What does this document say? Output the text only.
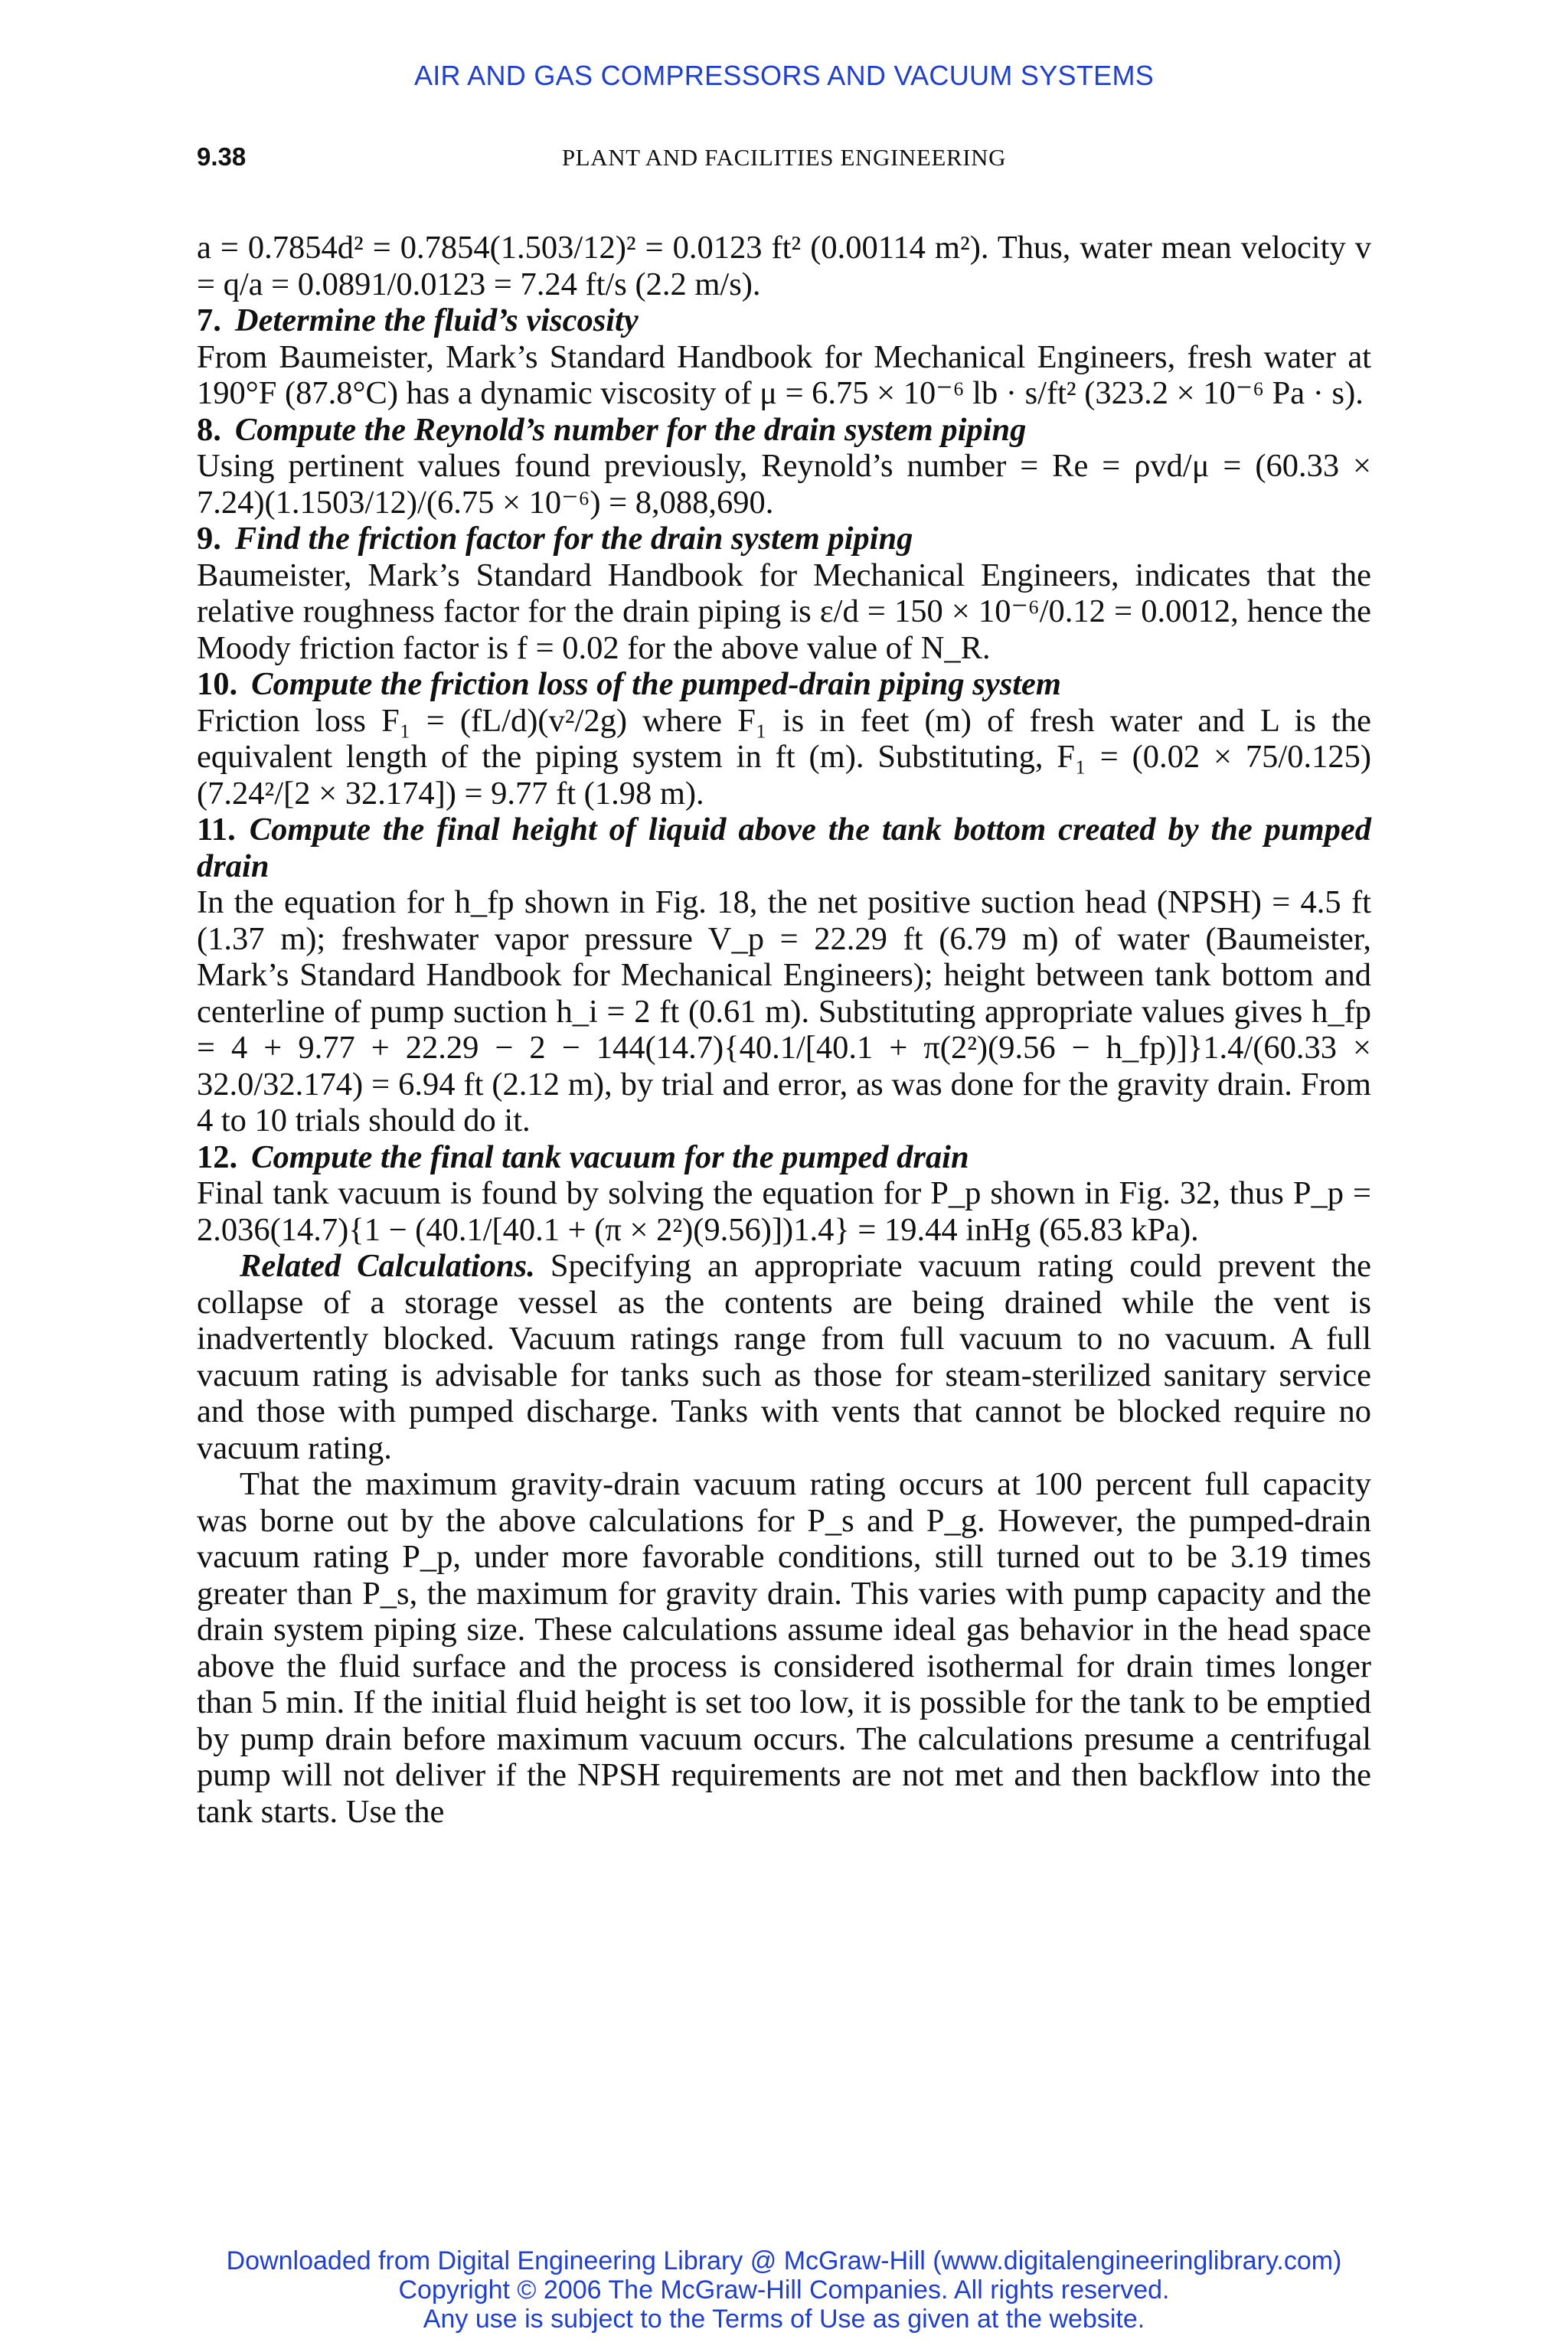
AIR AND GAS COMPRESSORS AND VACUUM SYSTEMS
9.38	PLANT AND FACILITIES ENGINEERING

a = 0.7854d² = 0.7854(1.503/12)² = 0.0123 ft² (0.00114 m²). Thus, water mean velocity v = q/a = 0.0891/0.0123 = 7.24 ft/s (2.2 m/s).

7. Determine the fluid’s viscosity

From Baumeister, Mark’s Standard Handbook for Mechanical Engineers, fresh water at 190°F (87.8°C) has a dynamic viscosity of μ = 6.75 × 10⁻⁶ lb · s/ft² (323.2 × 10⁻⁶ Pa · s).

8. Compute the Reynold’s number for the drain system piping

Using pertinent values found previously, Reynold’s number = Re = ρvd/μ = (60.33 × 7.24)(1.1503/12)/(6.75 × 10⁻⁶) = 8,088,690.

9. Find the friction factor for the drain system piping

Baumeister, Mark’s Standard Handbook for Mechanical Engineers, indicates that the relative roughness factor for the drain piping is ε/d = 150 × 10⁻⁶/0.12 = 0.0012, hence the Moody friction factor is f = 0.02 for the above value of N_R.

10. Compute the friction loss of the pumped-drain piping system

Friction loss F₁ = (fL/d)(v²/2g) where F₁ is in feet (m) of fresh water and L is the equivalent length of the piping system in ft (m). Substituting, F₁ = (0.02 × 75/0.125)(7.24²/[2 × 32.174]) = 9.77 ft (1.98 m).

11. Compute the final height of liquid above the tank bottom created by the pumped drain

In the equation for h_fp shown in Fig. 18, the net positive suction head (NPSH) = 4.5 ft (1.37 m); freshwater vapor pressure V_p = 22.29 ft (6.79 m) of water (Baumeister, Mark’s Standard Handbook for Mechanical Engineers); height between tank bottom and centerline of pump suction h_i = 2 ft (0.61 m). Substituting appropriate values gives h_fp = 4 + 9.77 + 22.29 − 2 − 144(14.7){40.1/[40.1 + π(2²)(9.56 − h_fp)]}1.4/(60.33 × 32.0/32.174) = 6.94 ft (2.12 m), by trial and error, as was done for the gravity drain. From 4 to 10 trials should do it.

12. Compute the final tank vacuum for the pumped drain

Final tank vacuum is found by solving the equation for P_p shown in Fig. 32, thus P_p = 2.036(14.7){1 − (40.1/[40.1 + (π × 2²)(9.56)])1.4} = 19.44 inHg (65.83 kPa).

Related Calculations. Specifying an appropriate vacuum rating could prevent the collapse of a storage vessel as the contents are being drained while the vent is inadvertently blocked. Vacuum ratings range from full vacuum to no vacuum. A full vacuum rating is advisable for tanks such as those for steam-sterilized sanitary service and those with pumped discharge. Tanks with vents that cannot be blocked require no vacuum rating.

That the maximum gravity-drain vacuum rating occurs at 100 percent full capacity was borne out by the above calculations for P_s and P_g. However, the pumped-drain vacuum rating P_p, under more favorable conditions, still turned out to be 3.19 times greater than P_s, the maximum for gravity drain. This varies with pump capacity and the drain system piping size. These calculations assume ideal gas behavior in the head space above the fluid surface and the process is considered isothermal for drain times longer than 5 min. If the initial fluid height is set too low, it is possible for the tank to be emptied by pump drain before maximum vacuum occurs. The calculations presume a centrifugal pump will not deliver if the NPSH requirements are not met and then backflow into the tank starts. Use the

Downloaded from Digital Engineering Library @ McGraw-Hill (www.digitalengineeringlibrary.com)
Copyright © 2006 The McGraw-Hill Companies. All rights reserved.
Any use is subject to the Terms of Use as given at the website.
